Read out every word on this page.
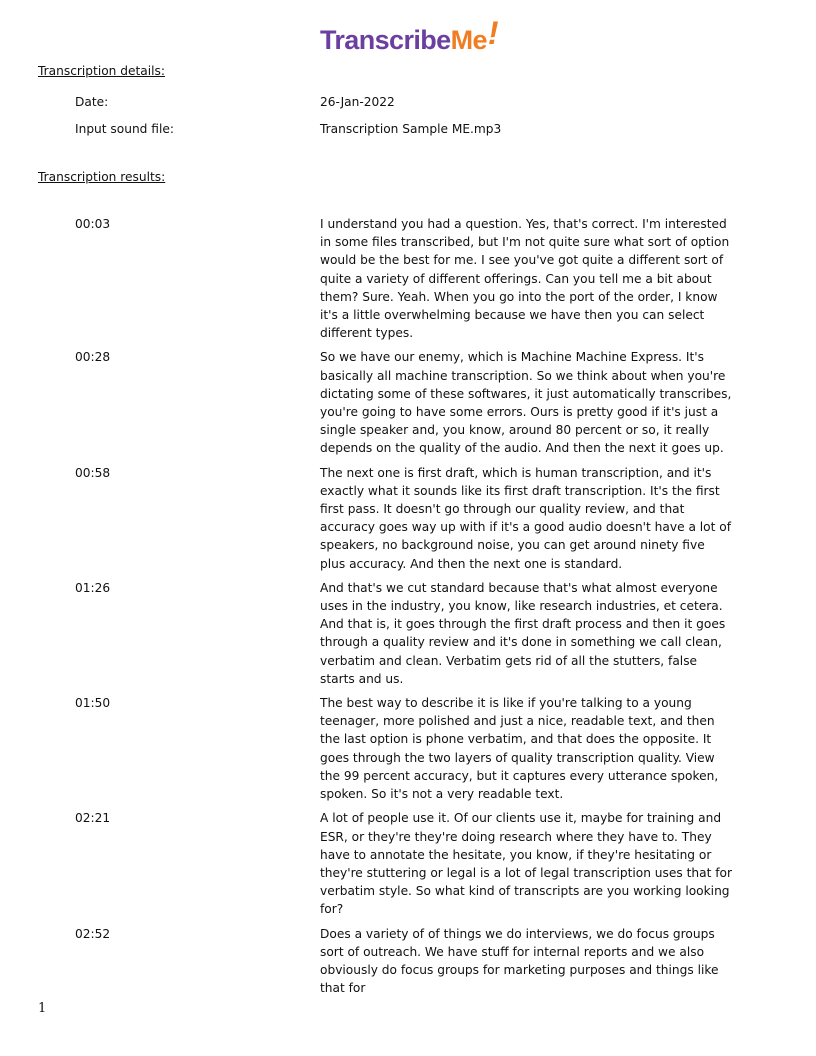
TranscribeMe!
Transcription details:
Date:	26-Jan-2022
Input sound file:	Transcription Sample ME.mp3
Transcription results:
00:03	I understand you had a question. Yes, that's correct. I'm interested in some files transcribed, but I'm not quite sure what sort of option would be the best for me. I see you've got quite a different sort of quite a variety of different offerings. Can you tell me a bit about them? Sure. Yeah. When you go into the port of the order, I know it's a little overwhelming because we have then you can select different types.
00:28	So we have our enemy, which is Machine Machine Express. It's basically all machine transcription. So we think about when you're dictating some of these softwares, it just automatically transcribes, you're going to have some errors. Ours is pretty good if it's just a single speaker and, you know, around 80 percent or so, it really depends on the quality of the audio. And then the next it goes up.
00:58	The next one is first draft, which is human transcription, and it's exactly what it sounds like its first draft transcription. It's the first first pass. It doesn't go through our quality review, and that accuracy goes way up with if it's a good audio doesn't have a lot of speakers, no background noise, you can get around ninety five plus accuracy. And then the next one is standard.
01:26	And that's we cut standard because that's what almost everyone uses in the industry, you know, like research industries, et cetera. And that is, it goes through the first draft process and then it goes through a quality review and it's done in something we call clean, verbatim and clean. Verbatim gets rid of all the stutters, false starts and us.
01:50	The best way to describe it is like if you're talking to a young teenager, more polished and just a nice, readable text, and then the last option is phone verbatim, and that does the opposite. It goes through the two layers of quality transcription quality. View the 99 percent accuracy, but it captures every utterance spoken, spoken. So it's not a very readable text.
02:21	A lot of people use it. Of our clients use it, maybe for training and ESR, or they're they're doing research where they have to. They have to annotate the hesitate, you know, if they're hesitating or they're stuttering or legal is a lot of legal transcription uses that for verbatim style. So what kind of transcripts are you working looking for?
02:52	Does a variety of of things we do interviews, we do focus groups sort of outreach. We have stuff for internal reports and we also obviously do focus groups for marketing purposes and things like that for
1
